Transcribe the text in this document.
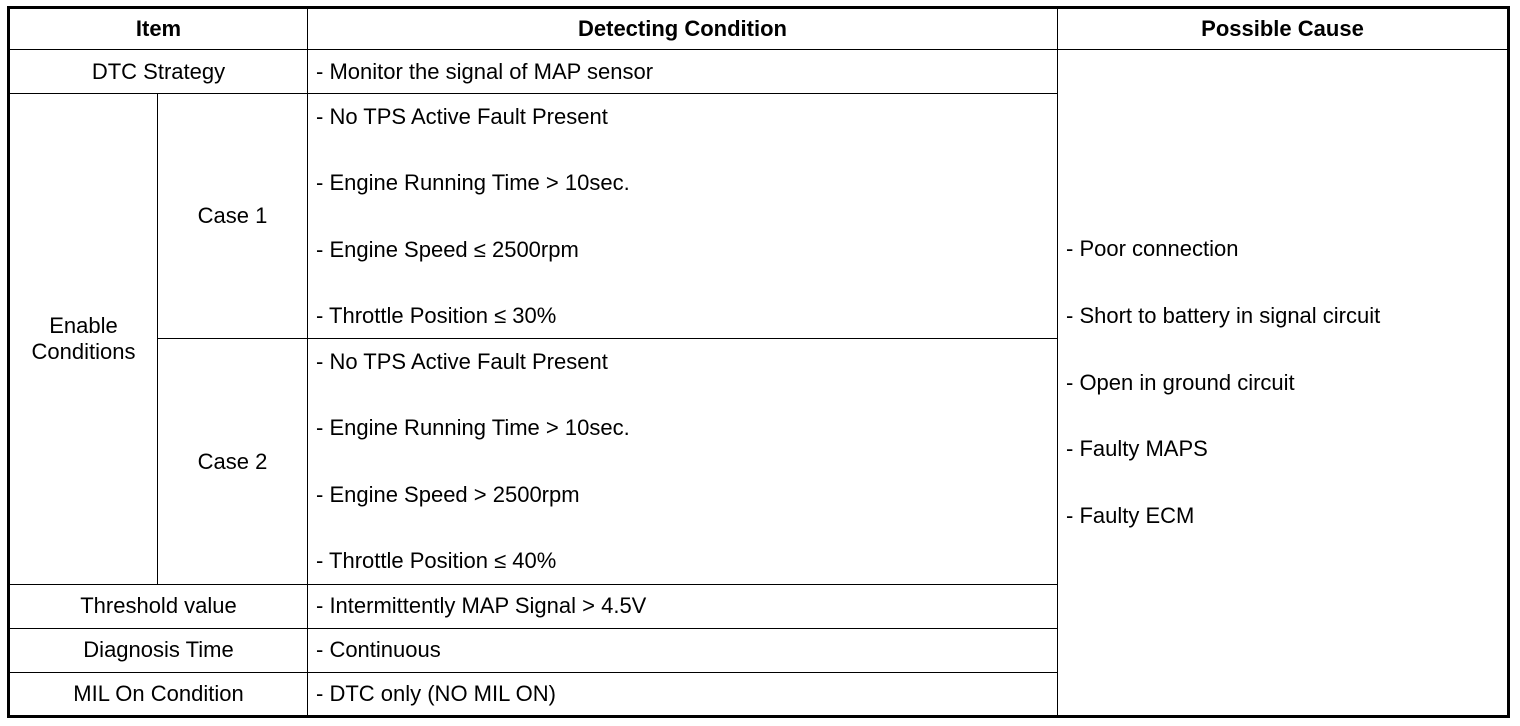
Item		Detecting Condition	Possible Cause
DTC Strategy		- Monitor the signal of MAP sensor	- Poor connection
- Short to battery in signal circuit
- Open in ground circuit
- Faulty MAPS
- Faulty ECM

Enable Conditions	Case 1	- No TPS Active Fault Present
- Engine Running Time > 10sec.
- Engine Speed ≤ 2500rpm
- Throttle Position ≤ 30%	

	Case 2	- No TPS Active Fault Present
- Engine Running Time > 10sec.
- Engine Speed > 2500rpm
- Throttle Position ≤ 40%	

Threshold value		- Intermittently MAP Signal > 4.5V	
Diagnosis Time		- Continuous	
MIL On Condition		- DTC only (NO MIL ON)	
